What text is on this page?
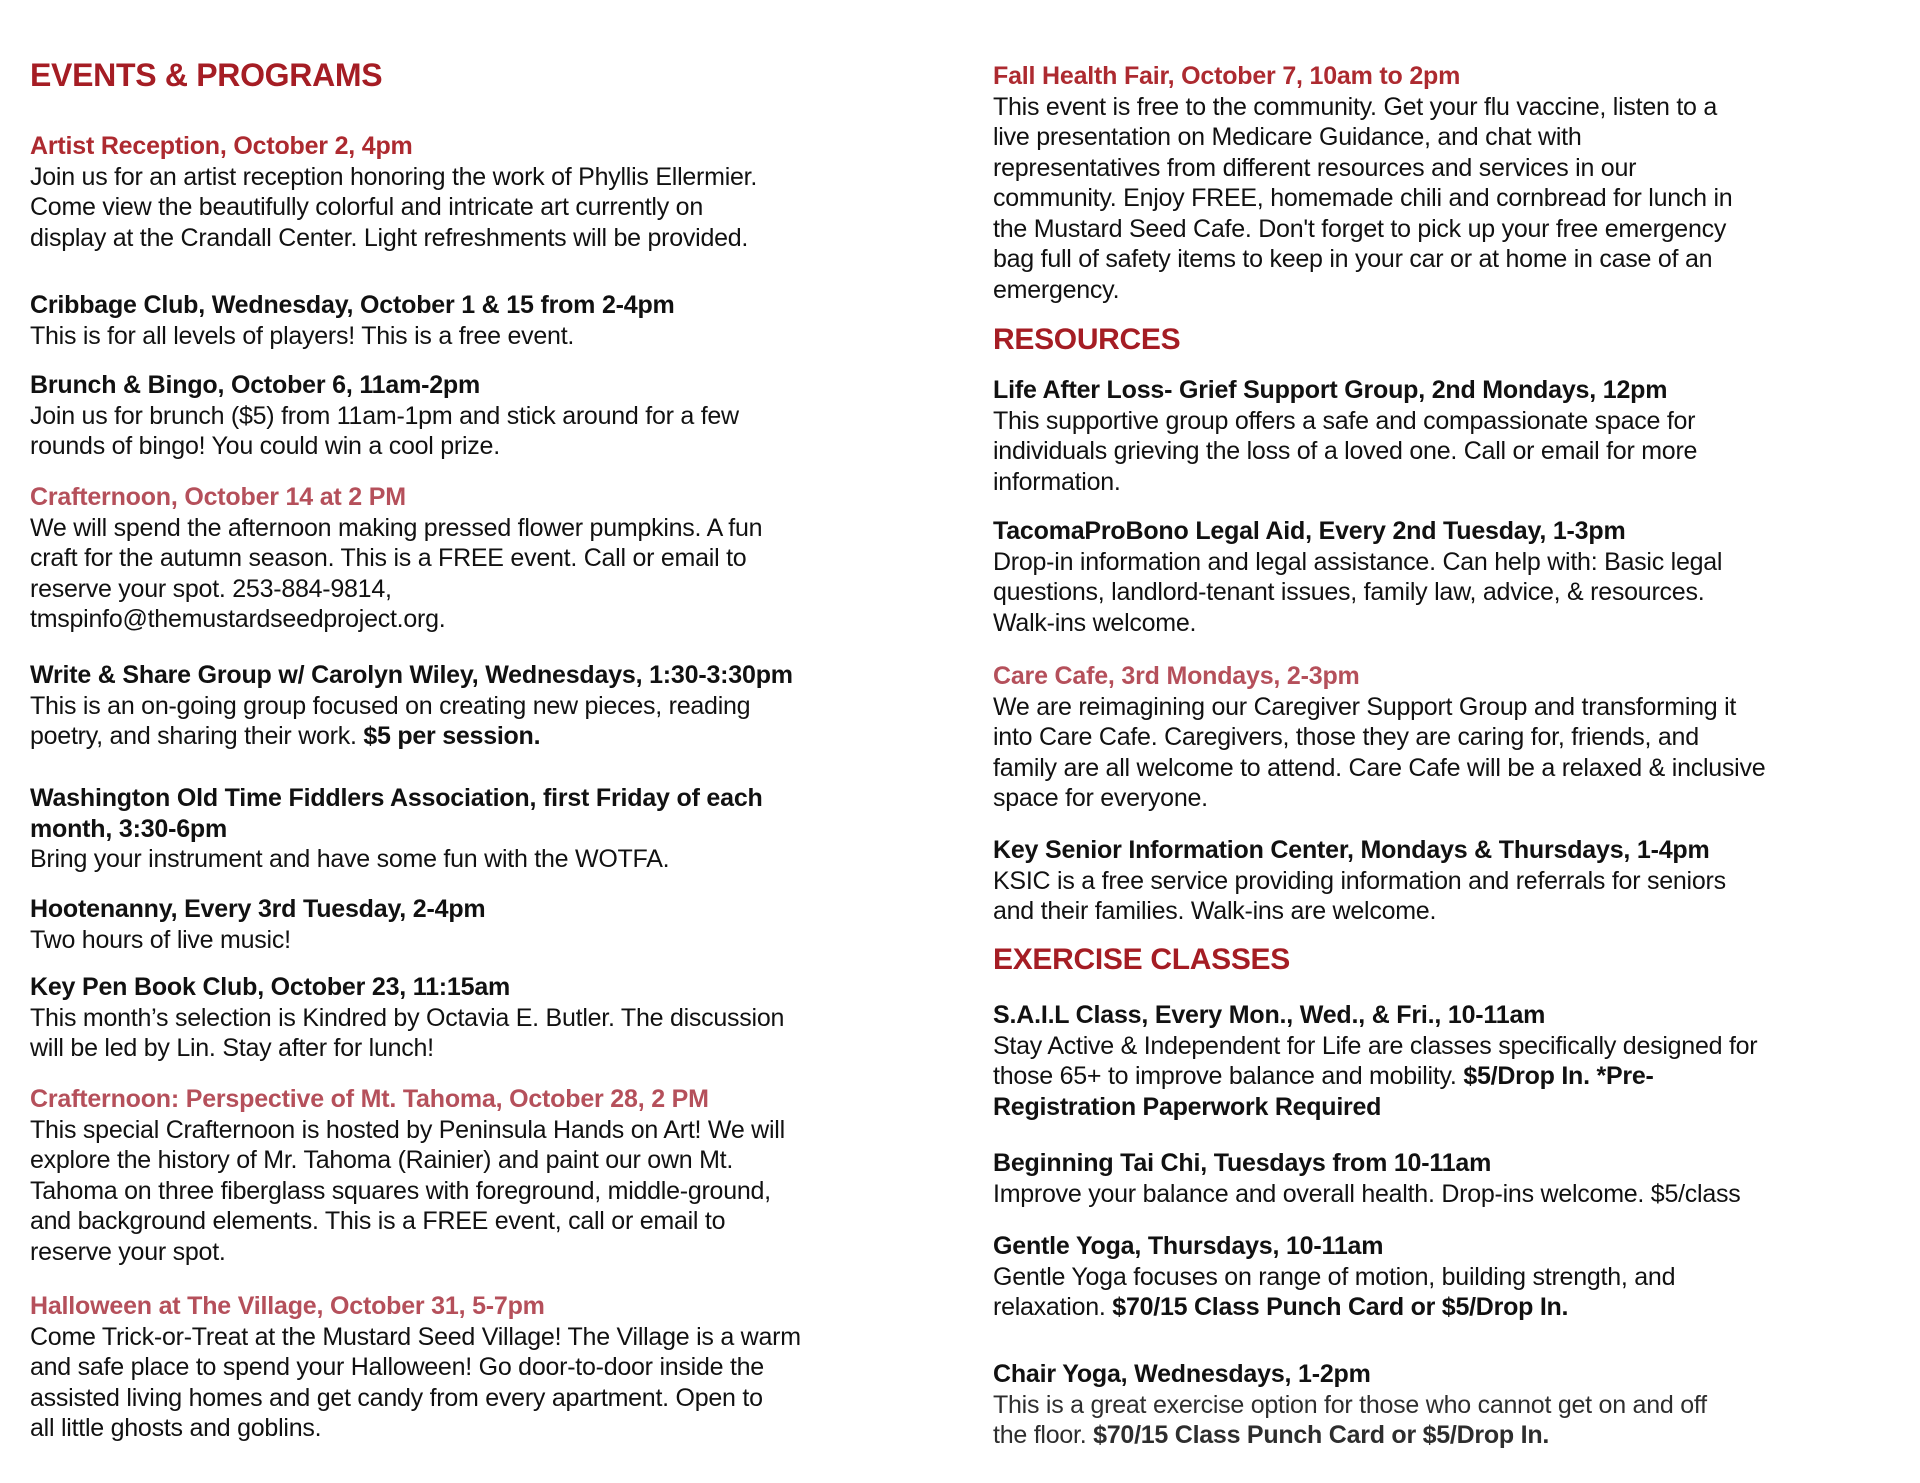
EVENTS & PROGRAMS
Artist Reception, October 2, 4pm
Join us for an artist reception honoring the work of Phyllis Ellermier.
Come view the beautifully colorful and intricate art currently on
display at the Crandall Center. Light refreshments will be provided.
Cribbage Club, Wednesday, October 1 & 15 from 2-4pm
This is for all levels of players! This is a free event.
Brunch & Bingo, October 6, 11am-2pm
Join us for brunch ($5) from 11am-1pm and stick around for a few
rounds of bingo! You could win a cool prize.
Crafternoon, October 14 at 2 PM
We will spend the afternoon making pressed flower pumpkins. A fun
craft for the autumn season. This is a FREE event. Call or email to
reserve your spot. 253-884-9814,
tmspinfo@themustardseedproject.org.
Write & Share Group w/ Carolyn Wiley, Wednesdays, 1:30-3:30pm
This is an on-going group focused on creating new pieces, reading
poetry, and sharing their work. $5 per session.
Washington Old Time Fiddlers Association, first Friday of each
month, 3:30-6pm
Bring your instrument and have some fun with the WOTFA.
Hootenanny, Every 3rd Tuesday, 2-4pm
Two hours of live music!
Key Pen Book Club, October 23, 11:15am
This month’s selection is Kindred by Octavia E. Butler. The discussion
will be led by Lin. Stay after for lunch!
Crafternoon: Perspective of Mt. Tahoma, October 28, 2 PM
This special Crafternoon is hosted by Peninsula Hands on Art! We will
explore the history of Mr. Tahoma (Rainier) and paint our own Mt.
Tahoma on three fiberglass squares with foreground, middle-ground,
and background elements. This is a FREE event, call or email to
reserve your spot.
Halloween at The Village, October 31, 5-7pm
Come Trick-or-Treat at the Mustard Seed Village! The Village is a warm
and safe place to spend your Halloween! Go door-to-door inside the
assisted living homes and get candy from every apartment. Open to
all little ghosts and goblins.
Fall Health Fair, October 7, 10am to 2pm
This event is free to the community. Get your flu vaccine, listen to a
live presentation on Medicare Guidance, and chat with
representatives from different resources and services in our
community. Enjoy FREE, homemade chili and cornbread for lunch in
the Mustard Seed Cafe. Don't forget to pick up your free emergency
bag full of safety items to keep in your car or at home in case of an
emergency.
RESOURCES
Life After Loss- Grief Support Group, 2nd Mondays, 12pm
This supportive group offers a safe and compassionate space for
individuals grieving the loss of a loved one. Call or email for more
information.
TacomaProBono Legal Aid, Every 2nd Tuesday, 1-3pm
Drop-in information and legal assistance. Can help with: Basic legal
questions, landlord-tenant issues, family law, advice, & resources.
Walk-ins welcome.
Care Cafe, 3rd Mondays, 2-3pm
We are reimagining our Caregiver Support Group and transforming it
into Care Cafe. Caregivers, those they are caring for, friends, and
family are all welcome to attend. Care Cafe will be a relaxed & inclusive
space for everyone.
Key Senior Information Center, Mondays & Thursdays, 1-4pm
KSIC is a free service providing information and referrals for seniors
and their families. Walk-ins are welcome.
EXERCISE CLASSES
S.A.I.L Class, Every Mon., Wed., & Fri., 10-11am
Stay Active & Independent for Life are classes specifically designed for
those 65+ to improve balance and mobility. $5/Drop In. *Pre-
Registration Paperwork Required
Beginning Tai Chi, Tuesdays from 10-11am
Improve your balance and overall health. Drop-ins welcome. $5/class
Gentle Yoga, Thursdays, 10-11am
Gentle Yoga focuses on range of motion, building strength, and
relaxation. $70/15 Class Punch Card or $5/Drop In.
Chair Yoga, Wednesdays, 1-2pm
This is a great exercise option for those who cannot get on and off
the floor. $70/15 Class Punch Card or $5/Drop In.
